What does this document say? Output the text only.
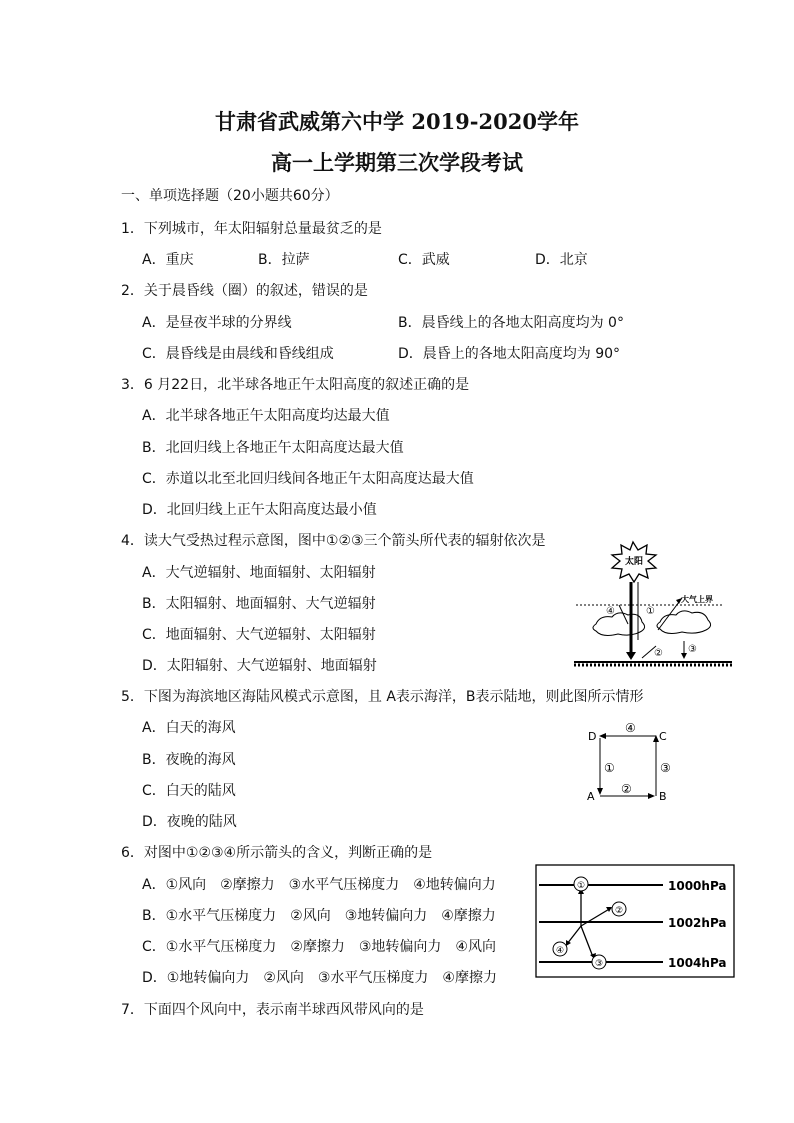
甘肃省武威第六中学 2019-2020学年
高一上学期第三次学段考试
一、单项选择题（20小题共60分）
1．下列城市，年太阳辐射总量最贫乏的是
A．重庆	B．拉萨	C．武威	D．北京
2．关于晨昏线（圈）的叙述，错误的是
A．是昼夜半球的分界线	B．晨昏线上的各地太阳高度均为 0°
C．晨昏线是由晨线和昏线组成	D．晨昏上的各地太阳高度均为 90°
3．6 月22日，北半球各地正午太阳高度的叙述正确的是
A．北半球各地正午太阳高度均达最大值
B．北回归线上各地正午太阳高度达最大值
C．赤道以北至北回归线间各地正午太阳高度达最大值
D．北回归线上正午太阳高度达最小值
4．读大气受热过程示意图，图中①②③三个箭头所代表的辐射依次是
A．大气逆辐射、地面辐射、太阳辐射
B．太阳辐射、地面辐射、大气逆辐射
C．地面辐射、大气逆辐射、太阳辐射
D．太阳辐射、大气逆辐射、地面辐射
太阳
大气上界
①
②	③
④
5．下图为海滨地区海陆风模式示意图，且 A表示海洋，B表示陆地，则此图所示情形
A．白天的海风
B．夜晚的海风
C．白天的陆风
D．夜晚的陆风
D	C
A	B
④
①
②
③
6．对图中①②③④所示箭头的含义，判断正确的是
A．①风向　②摩擦力　③水平气压梯度力　④地转偏向力
B．①水平气压梯度力　②风向　③地转偏向力　④摩擦力
C．①水平气压梯度力　②摩擦力　③地转偏向力　④风向
D．①地转偏向力　②风向　③水平气压梯度力　④摩擦力
1000hPa
1002hPa
1004hPa
①
②
③
④
7．下面四个风向中，表示南半球西风带风向的是
